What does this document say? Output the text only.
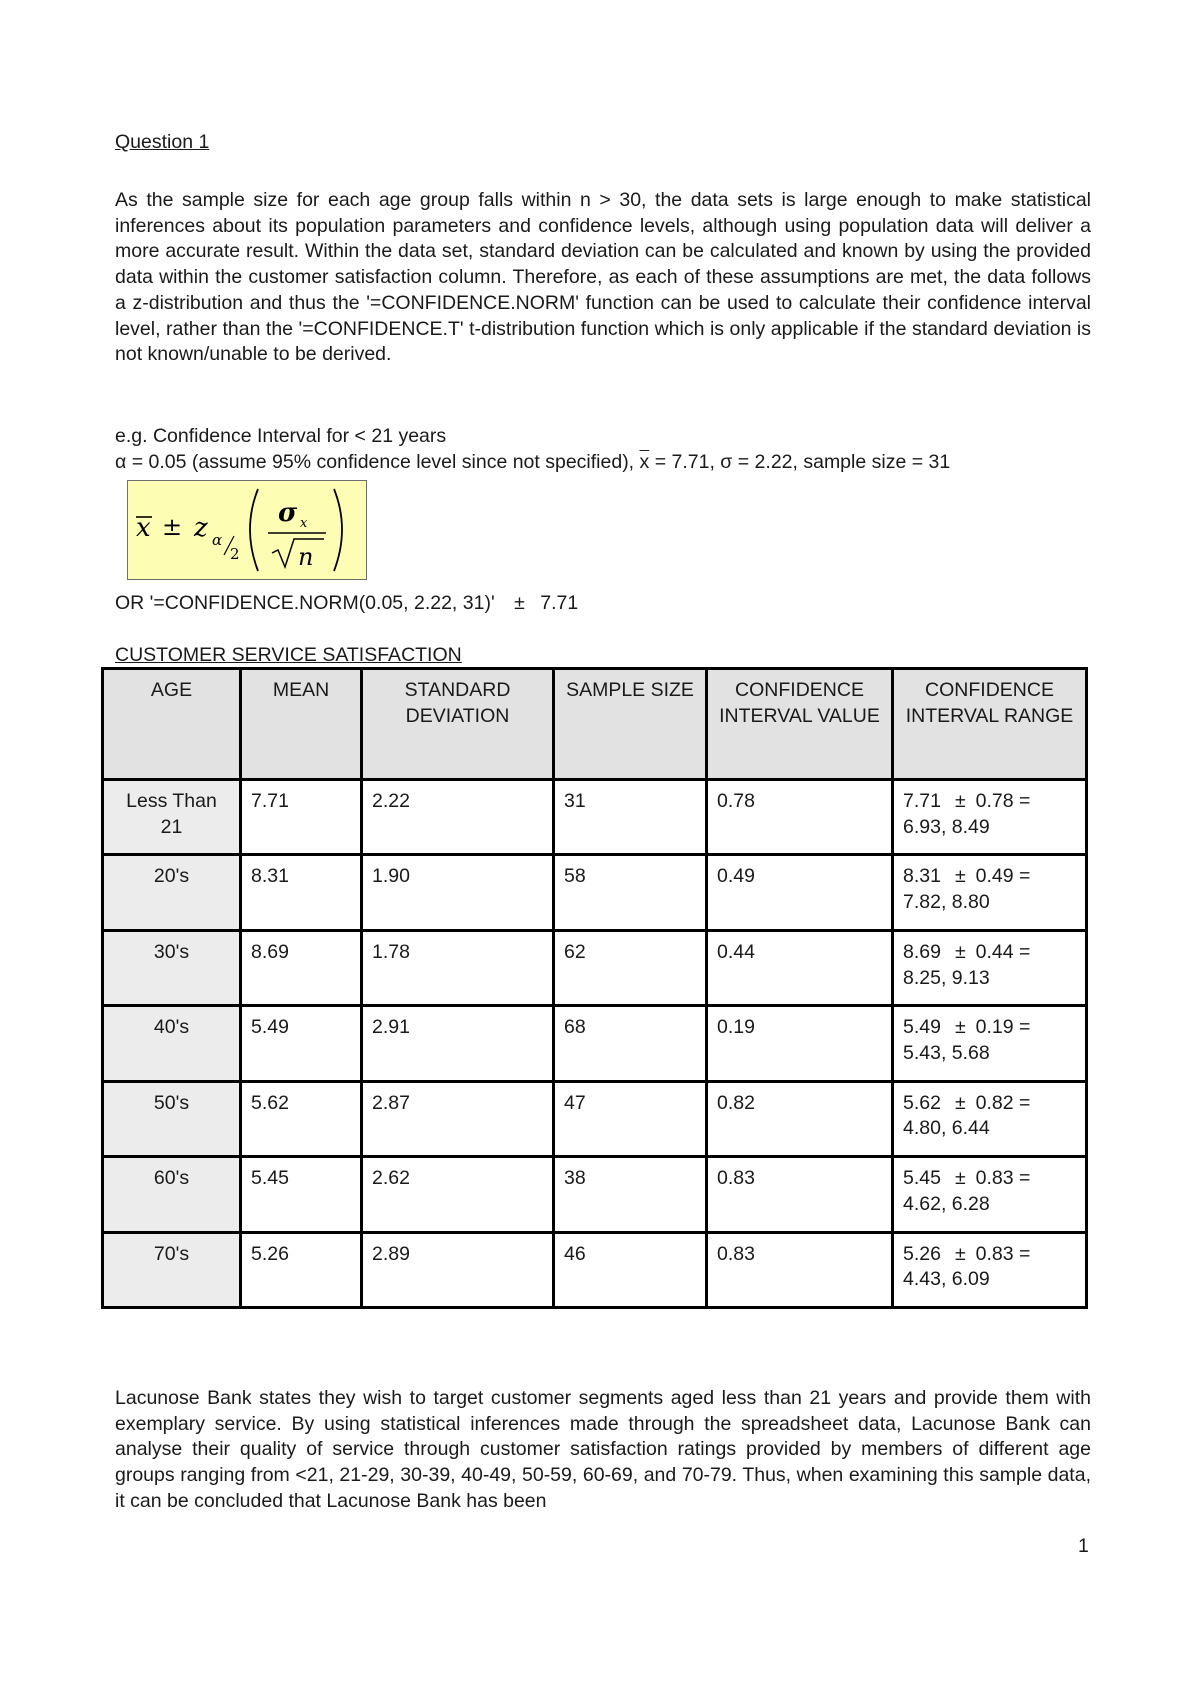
Question 1
As the sample size for each age group falls within n > 30, the data sets is large enough to make statistical inferences about its population parameters and confidence levels, although using population data will deliver a more accurate result. Within the data set, standard deviation can be calculated and known by using the provided data within the customer satisfaction column. Therefore, as each of these assumptions are met, the data follows a z-distribution and thus the '=CONFIDENCE.NORM' function can be used to calculate their confidence interval level, rather than the '=CONFIDENCE.T' t-distribution function which is only applicable if the standard deviation is not known/unable to be derived.
e.g. Confidence Interval for < 21 years
α = 0.05 (assume 95% confidence level since not specified), $\overline{x} = 7.71$, σ = 2.22, sample size = 31
x ± z α
2
σ x
n
OR '=CONFIDENCE.NORM(0.05, 2.22, 31)' ± 7.71
CUSTOMER SERVICE SATISFACTION
AGE	MEAN	STANDARD DEVIATION	SAMPLE SIZE	CONFIDENCE INTERVAL VALUE	CONFIDENCE INTERVAL RANGE
Less Than 21	7.71	2.22	31	0.78	7.71 ± 0.78 =
6.93, 8.49
20's	8.31	1.90	58	0.49	8.31 ± 0.49 =
7.82, 8.80
30's	8.69	1.78	62	0.44	8.69 ± 0.44 =
8.25, 9.13
40's	5.49	2.91	68	0.19	5.49 ± 0.19 =
5.43, 5.68
50's	5.62	2.87	47	0.82	5.62 ± 0.82 =
4.80, 6.44
60's	5.45	2.62	38	0.83	5.45 ± 0.83 =
4.62, 6.28
70's	5.26	2.89	46	0.83	5.26 ± 0.83 =
4.43, 6.09
Lacunose Bank states they wish to target customer segments aged less than 21 years and provide them with exemplary service. By using statistical inferences made through the spreadsheet data, Lacunose Bank can analyse their quality of service through customer satisfaction ratings provided by members of different age groups ranging from <21, 21-29, 30-39, 40-49, 50-59, 60-69, and 70-79. Thus, when examining this sample data, it can be concluded that Lacunose Bank has been
1
